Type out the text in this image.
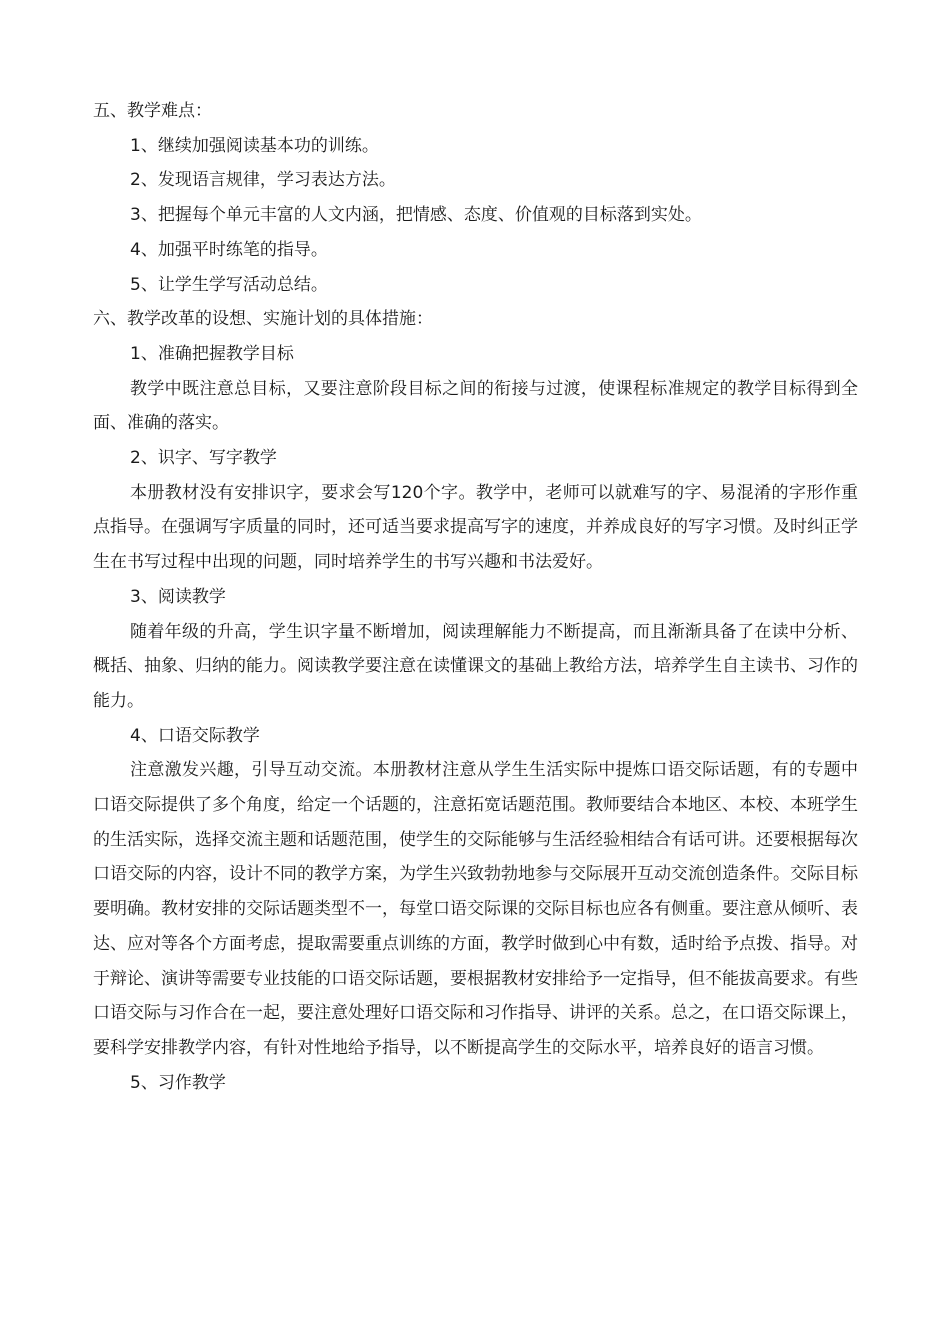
五、教学难点：

1、继续加强阅读基本功的训练。

2、发现语言规律，学习表达方法。

3、把握每个单元丰富的人文内涵，把情感、态度、价值观的目标落到实处。

4、加强平时练笔的指导。

5、让学生学写活动总结。

六、教学改革的设想、实施计划的具体措施：

1、准确把握教学目标

教学中既注意总目标，又要注意阶段目标之间的衔接与过渡，使课程标准规定的教学目标得到全面、准确的落实。

2、识字、写字教学

本册教材没有安排识字，要求会写120个字。教学中，老师可以就难写的字、易混淆的字形作重点指导。在强调写字质量的同时，还可适当要求提高写字的速度，并养成良好的写字习惯。及时纠正学生在书写过程中出现的问题，同时培养学生的书写兴趣和书法爱好。

3、阅读教学

随着年级的升高，学生识字量不断增加，阅读理解能力不断提高，而且渐渐具备了在读中分析、概括、抽象、归纳的能力。阅读教学要注意在读懂课文的基础上教给方法，培养学生自主读书、习作的能力。

4、口语交际教学

注意激发兴趣，引导互动交流。本册教材注意从学生生活实际中提炼口语交际话题，有的专题中口语交际提供了多个角度，给定一个话题的，注意拓宽话题范围。教师要结合本地区、本校、本班学生的生活实际，选择交流主题和话题范围，使学生的交际能够与生活经验相结合有话可讲。还要根据每次口语交际的内容，设计不同的教学方案，为学生兴致勃勃地参与交际展开互动交流创造条件。交际目标要明确。教材安排的交际话题类型不一，每堂口语交际课的交际目标也应各有侧重。要注意从倾听、表达、应对等各个方面考虑，提取需要重点训练的方面，教学时做到心中有数，适时给予点拨、指导。对于辩论、演讲等需要专业技能的口语交际话题，要根据教材安排给予一定指导，但不能拔高要求。有些口语交际与习作合在一起，要注意处理好口语交际和习作指导、讲评的关系。总之，在口语交际课上，要科学安排教学内容，有针对性地给予指导，以不断提高学生的交际水平，培养良好的语言习惯。

5、习作教学
